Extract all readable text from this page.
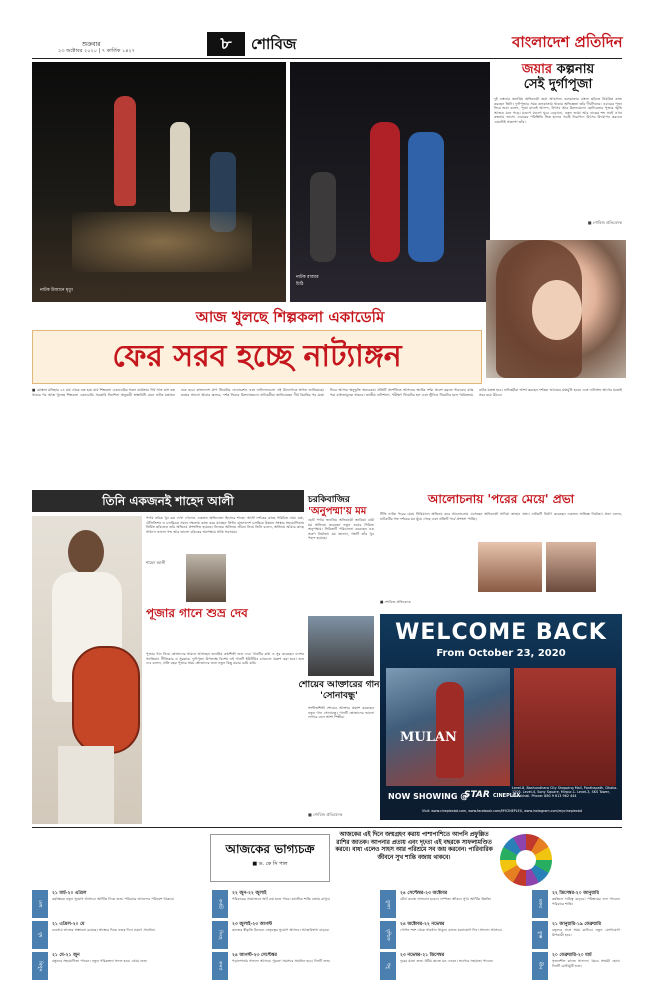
শুক্রবার
২৩ অক্টোবর ২০২০ | ৭ কার্তিক ১৪২৭	৮	শোবিজ	বাংলাদেশ প্রতিদিন
নাটক উজানে মৃত্যু
নাটক রাজার চিঠি
জয়ার কল্পনায়
সেই দুর্গাপূজা
দুই বাংলার জনপ্রিয় অভিনেত্রী জয়া আহসান। কলকাতার বাংলা ছবিতে নিয়মিত কাজ করছেন তিনি। দুর্গাপূজার সময় কলকাতায় থাকার অভিজ্ঞতা তাঁর দীর্ঘদিনের। এবারের পূজা নিয়ে জয়া বলেন, পূজা মানেই আনন্দ, উৎসব আর মিলনমেলা। ছোটবেলার পূজার স্মৃতি আজও মনে পড়ে। মণ্ডপে মণ্ডপে ঘুরে বেড়ানো, নতুন জামা আর ঢাকের শব্দ সবই এখন কল্পনায় ভাসে। এবারের পরিস্থিতি ভিন্ন হলেও সবাই নিরাপদে উৎসব উদযাপন করবেন এমনটাই প্রত্যাশা তাঁর।
■ শোবিজ প্রতিবেদক
আজ খুলছে শিল্পকলা একাডেমি
ফের সরব হচ্ছে নাট্যাঙ্গন
■ মোস্তফা মতিহার ২৪ মার্চ থেকে বন্ধ হয়ে যায় শিল্পকলা একাডেমির সকল কার্যক্রম। দীর্ঘ সাত মাস বন্ধ থাকার পর আজ খুলছে শিল্পকলা একাডেমি। সরকারি নির্দেশনা অনুযায়ী স্বাস্থ্যবিধি মেনে নাটক মঞ্চায়ন শুরু হবে। বাংলাদেশ গ্রুপ থিয়েটার ফেডারেশন এবং নাট্যদলগুলো এই উদ্যোগকে স্বাগত জানিয়েছে। মঞ্চের আলো আবার জ্বলবে, দর্শক ফিরবে মিলনায়তনে। নাট্যকর্মীরা জানিয়েছেন দীর্ঘ বিরতির পর মঞ্চে ফিরে আসার অনুভূতি অন্যরকম। প্রতিটি প্রদর্শনীতে আসনের অর্ধেক দর্শক প্রবেশ করতে পারবেন। মাস্ক পরা বাধ্যতামূলক থাকবে। জাতীয় নাট্যশালা, পরীক্ষণ থিয়েটার হল এবং স্টুডিও থিয়েটার হলে পর্যায়ক্রমে নাটক মঞ্চস্থ হবে। নাট্যকর্মীরা আশা করছেন দর্শকরা আবারও মঞ্চমুখী হবেন এবং নাট্যাঙ্গন আগের মতোই সরব হয়ে উঠবে।
তিনি একজনই শাহেদ আলী
পর্দায় তাঁকে খুব কম দেখা গেলেও একজন অভিনেতা হিসেবে শাহেদ আলী দর্শকের কাছে পরিচিত নাম। মঞ্চ, টেলিভিশন ও চলচ্চিত্রে সমান দক্ষতায় কাজ করে যাচ্ছেন তিনি। বাংলাদেশ চলচ্চিত্র উন্নয়ন সংস্থার সহযোগিতায় নির্মিত ছবিতেও তাঁর অভিনয় প্রশংসিত হয়েছে। নিজের অভিনয় জীবন নিয়ে তিনি বলেন, অভিনয় আমার কাছে সাধনা। ভালো গল্প আর ভালো চরিত্রের অপেক্ষায় থাকি সবসময়।
শাহেদ আলী
পূজার গানে শুভ্র দেব
পূজার গান নিয়ে শ্রোতাদের সামনে আসছেন জনপ্রিয় কণ্ঠশিল্পী শুভ্র দেব। গানটির কথা ও সুর করেছেন দেশের খ্যাতিমান গীতিকার ও সুরকার। দুর্গাপূজা উপলক্ষে বিশেষ এই গানটি ইউটিউব চ্যানেলে প্রকাশ করা হবে। শুভ্র দেব বলেন, প্রতি বছর পূজার সময় শ্রোতাদের জন্য নতুন কিছু করার চেষ্টা করি।
চরকিবাজির
'অনুপম্মা'য় মম
ছোট পর্দার জনপ্রিয় অভিনেত্রী জাকিয়া বারী মম অভিনয় করেছেন নতুন ওয়েব সিরিজ অনুপম্মায়। সিরিজটি পরিচালনা করেছেন এক তরুণ নির্মাতা। মম জানান, গল্পটি তাঁর খুব পছন্দ হয়েছে।
আলোচনায় 'পরের মেয়ে' প্রভা
টিভি নাটক পরের মেয়ে সিরিয়ালে অভিনয় করে আলোচনায় এসেছেন অভিনেত্রী সাদিয়া জাহান প্রভা। নাটকটি নির্মাণ করেছেন একজন অভিজ্ঞ নির্মাতা। প্রভা বলেন, নাটকটির গল্প দর্শকের মন ছুঁয়ে গেছে এবং প্রতিটি পর্বে প্রশংসা পাচ্ছি।
■ শোবিজ প্রতিবেদক
শোয়েব আক্তারের গান 'সোনাবন্ধু'
সংগীতশিল্পী শোয়েব আক্তার প্রকাশ করেছেন নতুন গান সোনাবন্ধু। গানটি শ্রোতাদের ভালো লাগবে বলে আশা শিল্পীর।
■ শোবিজ প্রতিবেদক
WELCOME BACK
From October 23, 2020
MULAN
NOW SHOWING @
STAR CINEPLEX
Level-8, Bashundhara City Shopping Mall, Panthapath, Dhaka-1205. Level-4, Sony Square, Mirpur-1. Level-3, SKS Tower, Mohakhali. Phone: 880 9 613 962 444
Visit: www.cineplexbd.com, www.facebook.com/MYCINEPLEX, www.instagram.com/mycineplexbd
আজকের ভাগ্যচক্র
■ ড. কে সি পাল
আজকের এই দিনে জন্মগ্রহণ করায় পাশাপাশিতে আপনি প্রফুল্লিত রাশির জাতক। আপনার প্রত্যয় এবং দৃঢ়তা এই বছরকে সাফল্যমণ্ডিত করবে। বাধা এলেও সাহস আর পরিশ্রমে সব জয় করবেন। পারিবারিক জীবনে সুখ শান্তি বজায় থাকবে।
মেষ
২১ মার্চ-২০ এপ্রিল
কর্মক্ষেত্রে নতুন সুযোগ আসবে। আর্থিক দিকে শুভ। পরিবারে আনন্দের পরিবেশ থাকবে।
বৃষ
২১ এপ্রিল-২০ মে
ব্যবসায় লাভের সম্ভাবনা রয়েছে। স্বাস্থ্যের দিকে নজর দিন। ভ্রমণে সাবধান।
মিথুন
২১ মে-২১ জুন
বন্ধুদের সহযোগিতা পাবেন। নতুন পরিকল্পনা সফল হবে। প্রেমে শুভ।
কর্কট
২২ জুন-২২ জুলাই
পরিবারের প্রয়োজনে অর্থ ব্যয় হতে পারে। মানসিক শান্তি বজায় রাখুন।
সিংহ
২৩ জুলাই-২৩ আগস্ট
কাজের স্বীকৃতি মিলবে। নেতৃত্বের সুযোগ আসবে। আত্মবিশ্বাস বাড়বে।
কন্যা
২৪ আগস্ট-২৩ সেপ্টেম্বর
পড়াশোনায় সাফল্য আসবে। পুরনো সমস্যার সমাধান হবে। দিনটি শুভ।
তুলা
২৪ সেপ্টেম্বর-২৩ অক্টোবর
যৌথ কাজে লাভবান হবেন। দাম্পত্য জীবনে সুখ। আর্থিক উন্নতি।
বৃশ্চিক
২৪ অক্টোবর-২২ নভেম্বর
গোপন শত্রু থেকে সাবধান থাকুন। কাজে মনোযোগ দিন। সাফল্য আসবে।
ধনু
২৩ নভেম্বর-২১ ডিসেম্বর
দূরের যাত্রা শুভ। ধর্মীয় কাজে মন দেবেন। ভাগ্যের সহায়তা পাবেন।
মকর
২২ ডিসেম্বর-২০ জানুয়ারি
কর্মস্থলে দায়িত্ব বাড়বে। পরিশ্রমের ফল পাবেন। পরিবারে শান্তি।
কুম্ভ
২১ জানুয়ারি-১৯ ফেব্রুয়ারি
বন্ধুদের সঙ্গে সময় কাটবে। নতুন যোগাযোগ উপকারী হবে।
মীন
২০ ফেব্রুয়ারি-২০ মার্চ
সৃজনশীল কাজে সাফল্য। খরচে সংযমী হোন। দিনটি মোটামুটি শুভ।
